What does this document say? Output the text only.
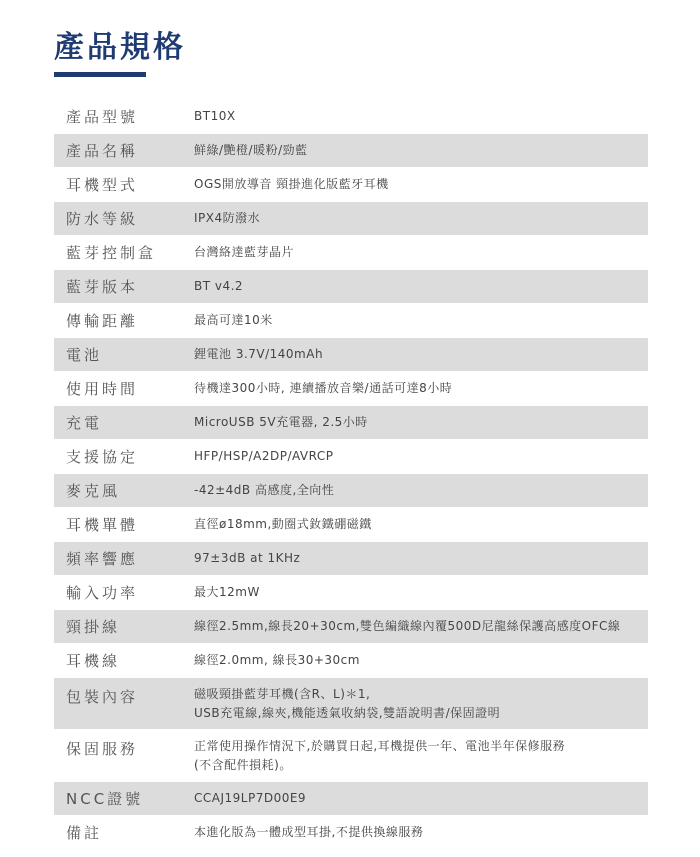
產品規格
產品型號	BT10X
產品名稱	鮮綠/艷橙/暖粉/勁藍
耳機型式	OGS開放導音 頸掛進化版藍牙耳機
防水等級	IPX4防潑水
藍芽控制盒	台灣絡達藍芽晶片
藍芽版本	BT v4.2
傳輸距離	最高可達10米
電池	鋰電池 3.7V/140mAh
使用時間	待機達300小時, 連續播放音樂/通話可達8小時
充電	MicroUSB 5V充電器, 2.5小時
支援協定	HFP/HSP/A2DP/AVRCP
麥克風	-42±4dB 高感度,全向性
耳機單體	直徑ø18mm,動圈式釹鐵硼磁鐵
頻率響應	97±3dB at 1KHz
輸入功率	最大12mW
頸掛線	線徑2.5mm,線長20+30cm,雙色編織線內覆500D尼龍絲保護高感度OFC線
耳機線	線徑2.0mm, 線長30+30cm
包裝內容	磁吸頸掛藍芽耳機(含R、L)＊1,
USB充電線,線夾,機能透氣收納袋,雙語說明書/保固證明
保固服務	正常使用操作情況下,於購買日起,耳機提供一年、電池半年保修服務
(不含配件損耗)。
NCC證號	CCAJ19LP7D00E9
備註	本進化版為一體成型耳掛,不提供換線服務
